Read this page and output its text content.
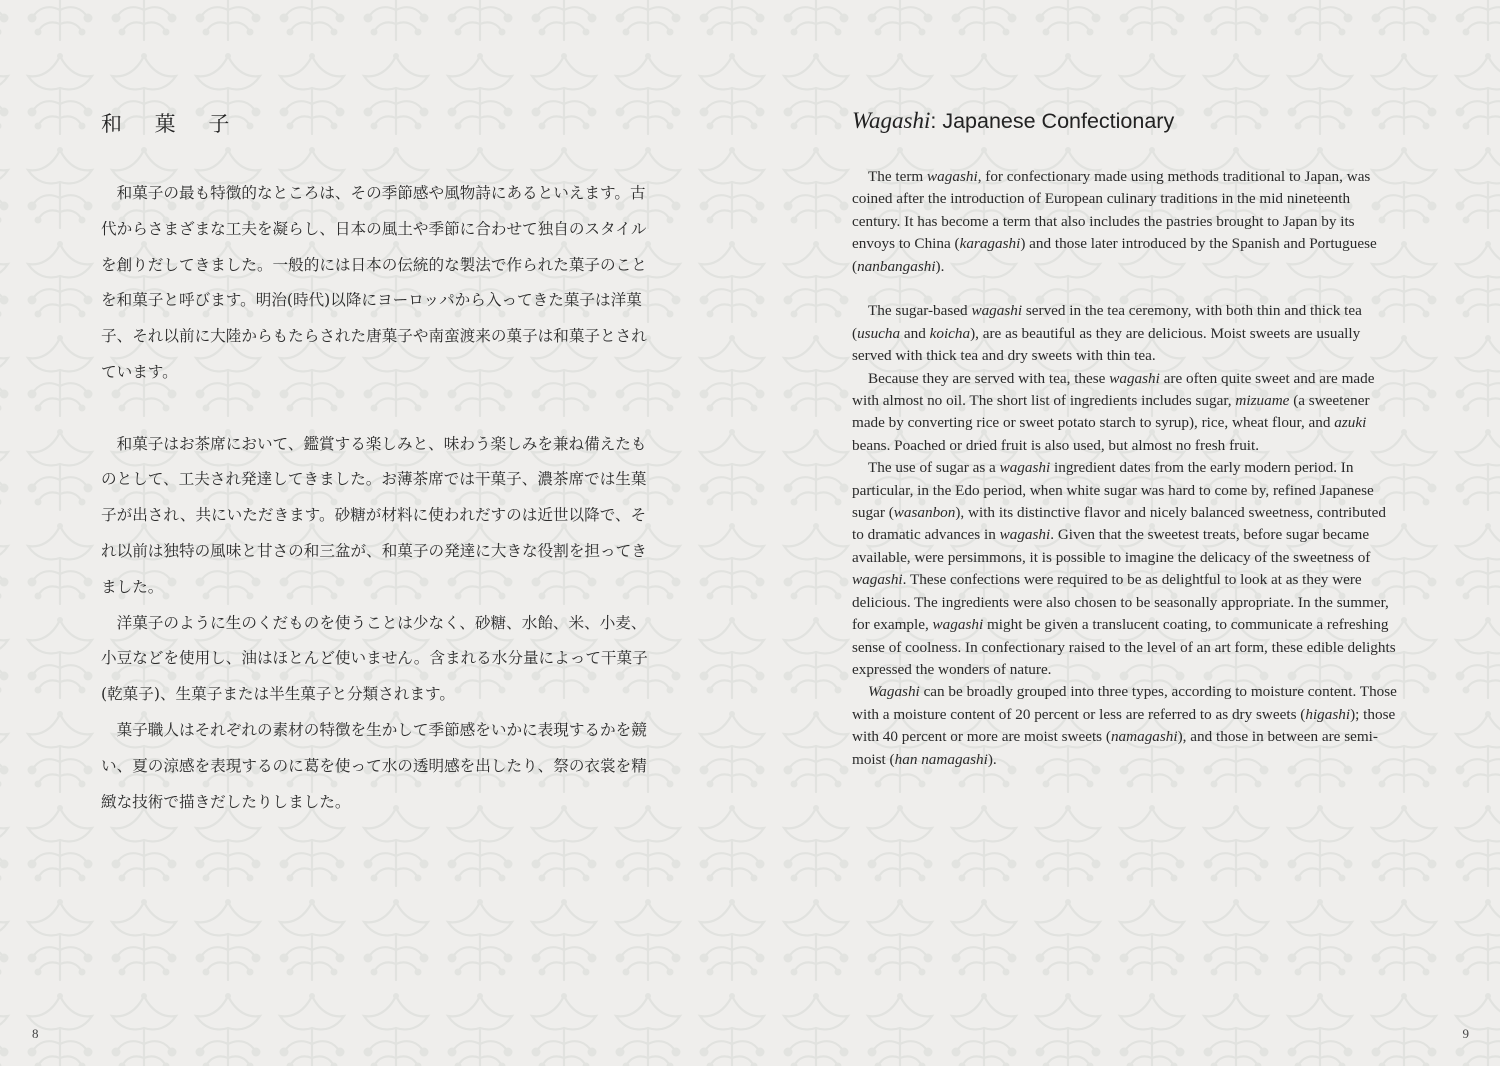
和 菓 子

和菓子の最も特徴的なところは、その季節感や風物詩にあるといえます。古代からさまざまな工夫を凝らし、日本の風土や季節に合わせて独自のスタイルを創りだしてきました。一般的には日本の伝統的な製法で作られた菓子のことを和菓子と呼びます。明治(時代)以降にヨーロッパから入ってきた菓子は洋菓子、それ以前に大陸からもたらされた唐菓子や南蛮渡来の菓子は和菓子とされています。

和菓子はお茶席において、鑑賞する楽しみと、味わう楽しみを兼ね備えたものとして、工夫され発達してきました。お薄茶席では干菓子、濃茶席では生菓子が出され、共にいただきます。砂糖が材料に使われだすのは近世以降で、それ以前は独特の風味と甘さの和三盆が、和菓子の発達に大きな役割を担ってきました。

洋菓子のように生のくだものを使うことは少なく、砂糖、水飴、米、小麦、小豆などを使用し、油はほとんど使いません。含まれる水分量によって干菓子(乾菓子)、生菓子または半生菓子と分類されます。

菓子職人はそれぞれの素材の特徴を生かして季節感をいかに表現するかを競い、夏の涼感を表現するのに葛を使って水の透明感を出したり、祭の衣裳を精緻な技術で描きだしたりしました。

8
Wagashi: Japanese Confectionary

The term wagashi, for confectionary made using methods traditional to Japan, was coined after the introduction of European culinary traditions in the mid nineteenth century. It has become a term that also includes the pastries brought to Japan by its envoys to China (karagashi) and those later introduced by the Spanish and Portuguese (nanbangashi).

The sugar-based wagashi served in the tea ceremony, with both thin and thick tea (usucha and koicha), are as beautiful as they are delicious. Moist sweets are usually served with thick tea and dry sweets with thin tea.

Because they are served with tea, these wagashi are often quite sweet and are made with almost no oil. The short list of ingredients includes sugar, mizuame (a sweetener made by converting rice or sweet potato starch to syrup), rice, wheat flour, and azuki beans. Poached or dried fruit is also used, but almost no fresh fruit.

The use of sugar as a wagashi ingredient dates from the early modern period. In particular, in the Edo period, when white sugar was hard to come by, refined Japanese sugar (wasanbon), with its distinctive flavor and nicely balanced sweetness, contributed to dramatic advances in wagashi. Given that the sweetest treats, before sugar became available, were persimmons, it is possible to imagine the delicacy of the sweetness of wagashi. These confections were required to be as delightful to look at as they were delicious. The ingredients were also chosen to be seasonally appropriate. In the summer, for example, wagashi might be given a translucent coating, to communicate a refreshing sense of coolness. In confectionary raised to the level of an art form, these edible delights expressed the wonders of nature.

Wagashi can be broadly grouped into three types, according to moisture content. Those with a moisture content of 20 percent or less are referred to as dry sweets (higashi); those with 40 percent or more are moist sweets (namagashi), and those in between are semi-moist (han namagashi).

9
